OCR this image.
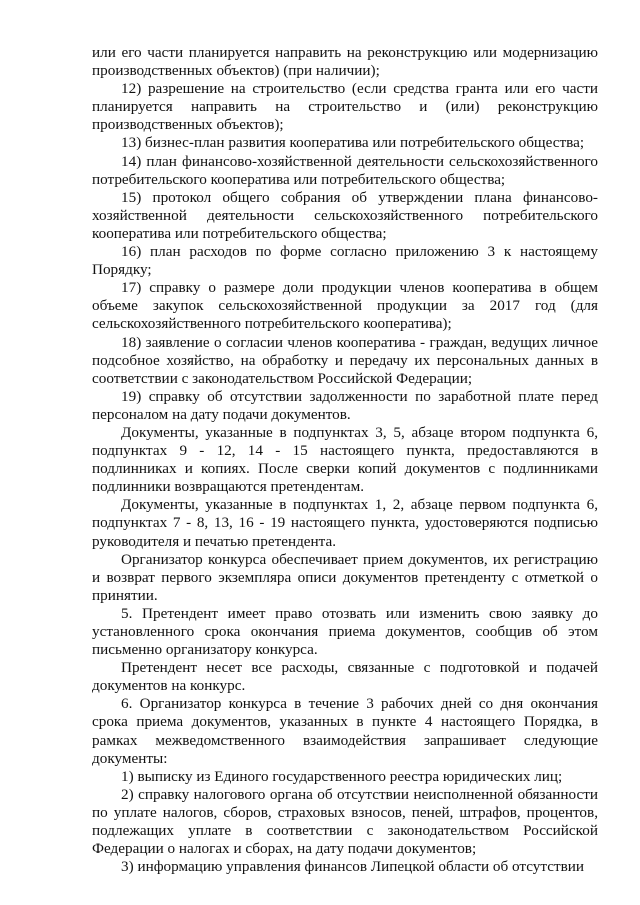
или его части планируется направить на реконструкцию или модернизацию производственных объектов) (при наличии);

12) разрешение на строительство (если средства гранта или его части планируется направить на строительство и (или) реконструкцию производственных объектов);

13) бизнес-план развития кооператива или потребительского общества;

14) план финансово-хозяйственной деятельности сельскохозяйственного потребительского кооператива или потребительского общества;

15) протокол общего собрания об утверждении плана финансово-хозяйственной деятельности сельскохозяйственного потребительского кооператива или потребительского общества;

16) план расходов по форме согласно приложению 3 к настоящему Порядку;

17) справку о размере доли продукции членов кооператива в общем объеме закупок сельскохозяйственной продукции за 2017 год (для сельскохозяйственного потребительского кооператива);

18) заявление о согласии членов кооператива - граждан, ведущих личное подсобное хозяйство, на обработку и передачу их персональных данных в соответствии с законодательством Российской Федерации;

19) справку об отсутствии задолженности по заработной плате перед персоналом на дату подачи документов.

Документы, указанные в подпунктах 3, 5, абзаце втором подпункта 6, подпунктах 9 - 12, 14 - 15 настоящего пункта, предоставляются в подлинниках и копиях. После сверки копий документов с подлинниками подлинники возвращаются претендентам.

Документы, указанные в подпунктах 1, 2, абзаце первом подпункта 6, подпунктах 7 - 8, 13, 16 - 19 настоящего пункта, удостоверяются подписью руководителя и печатью претендента.

Организатор конкурса обеспечивает прием документов, их регистрацию и возврат первого экземпляра описи документов претенденту с отметкой о принятии.

5. Претендент имеет право отозвать или изменить свою заявку до установленного срока окончания приема документов, сообщив об этом письменно организатору конкурса.

Претендент несет все расходы, связанные с подготовкой и подачей документов на конкурс.

6. Организатор конкурса в течение 3 рабочих дней со дня окончания срока приема документов, указанных в пункте 4 настоящего Порядка, в рамках межведомственного взаимодействия запрашивает следующие документы:

1) выписку из Единого государственного реестра юридических лиц;

2) справку налогового органа об отсутствии неисполненной обязанности по уплате налогов, сборов, страховых взносов, пеней, штрафов, процентов, подлежащих уплате в соответствии с законодательством Российской Федерации о налогах и сборах, на дату подачи документов;

3) информацию управления финансов Липецкой области об отсутствии
